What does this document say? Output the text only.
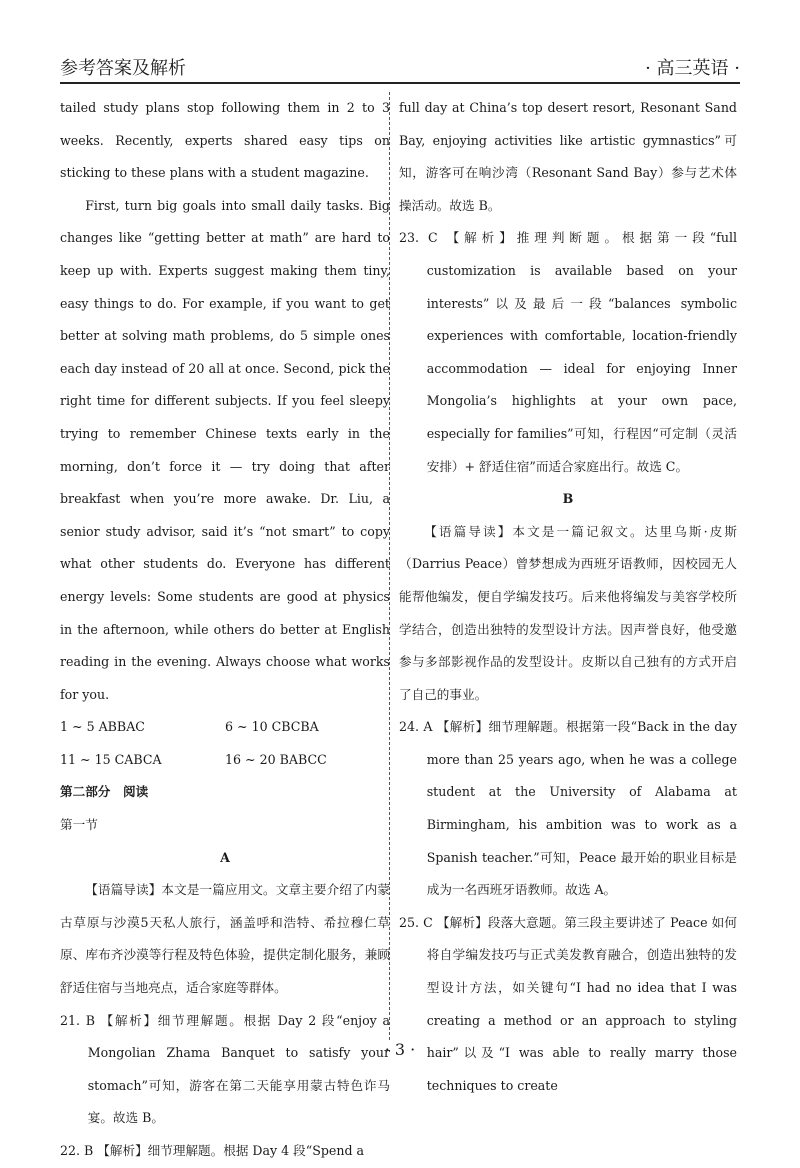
参考答案及解析	· 高三英语 ·

tailed study plans stop following them in 2 to 3 weeks. Recently, experts shared easy tips on sticking to these plans with a student magazine.

First, turn big goals into small daily tasks. Big changes like “getting better at math” are hard to keep up with. Experts suggest making them tiny, easy things to do. For example, if you want to get better at solving math problems, do 5 simple ones each day instead of 20 all at once. Second, pick the right time for different subjects. If you feel sleepy trying to remember Chinese texts early in the morning, don’t force it — try doing that after breakfast when you’re more awake. Dr. Liu, a senior study advisor, said it’s “not smart” to copy what other students do. Everyone has different energy levels: Some students are good at physics in the afternoon, while others do better at English reading in the evening. Always choose what works for you.

1 ~ 5 ABBAC	6 ~ 10 CBCBA
11 ~ 15 CABCA	16 ~ 20 BABCC

第二部分　阅读

第一节

A

【语篇导读】本文是一篇应用文。文章主要介绍了内蒙古草原与沙漠5天私人旅行，涵盖呼和浩特、希拉穆仁草原、库布齐沙漠等行程及特色体验，提供定制化服务，兼顾舒适住宿与当地亮点，适合家庭等群体。

21. B 【解析】细节理解题。根据 Day 2 段“enjoy a Mongolian Zhama Banquet to satisfy your stomach”可知，游客在第二天能享用蒙古特色诈马宴。故选 B。

22. B 【解析】细节理解题。根据 Day 4 段“Spend a

full day at China’s top desert resort, Resonant Sand Bay, enjoying activities like artistic gymnastics”可知，游客可在响沙湾（Resonant Sand Bay）参与艺术体操活动。故选 B。

23. C 【解析】推理判断题。根据第一段“full customization is available based on your interests”以及最后一段“balances symbolic experiences with comfortable, location-friendly accommodation — ideal for enjoying Inner Mongolia’s highlights at your own pace, especially for families”可知，行程因“可定制（灵活安排）+ 舒适住宿”而适合家庭出行。故选 C。

B

【语篇导读】本文是一篇记叙文。达里乌斯·皮斯（Darrius Peace）曾梦想成为西班牙语教师，因校园无人能帮他编发，便自学编发技巧。后来他将编发与美容学校所学结合，创造出独特的发型设计方法。因声誉良好，他受邀参与多部影视作品的发型设计。皮斯以自己独有的方式开启了自己的事业。

24. A 【解析】细节理解题。根据第一段“Back in the day more than 25 years ago, when he was a college student at the University of Alabama at Birmingham, his ambition was to work as a Spanish teacher.”可知，Peace 最开始的职业目标是成为一名西班牙语教师。故选 A。

25. C 【解析】段落大意题。第三段主要讲述了 Peace 如何将自学编发技巧与正式美发教育融合，创造出独特的发型设计方法，如关键句“I had no idea that I was creating a method or an approach to styling hair”以及“I was able to really marry those techniques to create

· 3 ·
